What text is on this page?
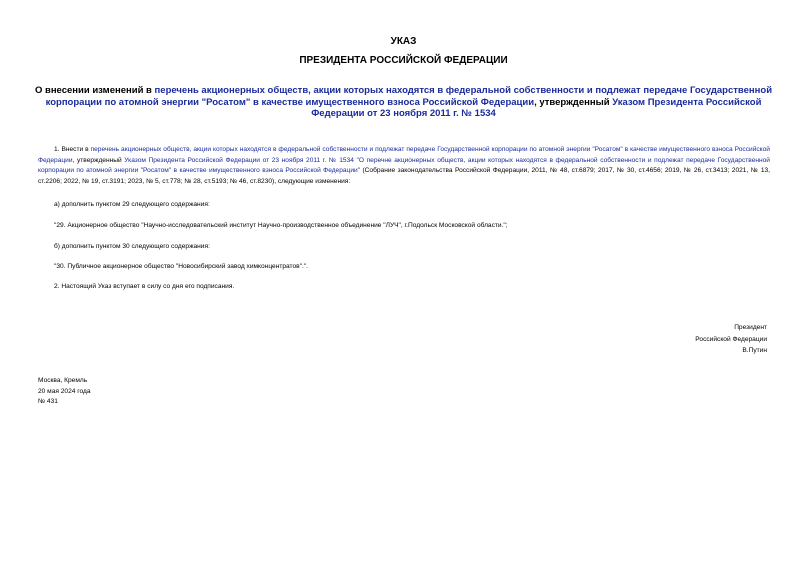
УКАЗ
ПРЕЗИДЕНТА РОССИЙСКОЙ ФЕДЕРАЦИИ
О внесении изменений в перечень акционерных обществ, акции которых находятся в федеральной собственности и подлежат передаче Государственной корпорации по атомной энергии "Росатом" в качестве имущественного взноса Российской Федерации, утвержденный Указом Президента Российской Федерации от 23 ноября 2011 г. № 1534
1. Внести в перечень акционерных обществ, акции которых находятся в федеральной собственности и подлежат передаче Государственной корпорации по атомной энергии "Росатом" в качестве имущественного взноса Российской Федерации, утвержденный Указом Президента Российской Федерации от 23 ноября 2011 г. № 1534 "О перечне акционерных обществ, акции которых находятся в федеральной собственности и подлежат передаче Государственной корпорации по атомной энергии "Росатом" в качестве имущественного взноса Российской Федерации" (Собрание законодательства Российской Федерации, 2011, № 48, ст.6879; 2017, № 30, ст.4656; 2019, № 26, ст.3413; 2021, № 13, ст.2206; 2022, № 19, ст.3191; 2023, № 5, ст.778; № 28, ст.5193; № 46, ст.8230), следующие изменения:
а) дополнить пунктом 29 следующего содержания:
"29. Акционерное общество "Научно-исследовательский институт Научно-производственное объединение "ЛУЧ", г.Подольск Московской области.";
б) дополнить пунктом 30 следующего содержания:
"30. Публичное акционерное общество "Новосибирский завод химконцентратов".".
2. Настоящий Указ вступает в силу со дня его подписания.
Президент
Российской Федерации
В.Путин
Москва, Кремль
20 мая 2024 года
№ 431
